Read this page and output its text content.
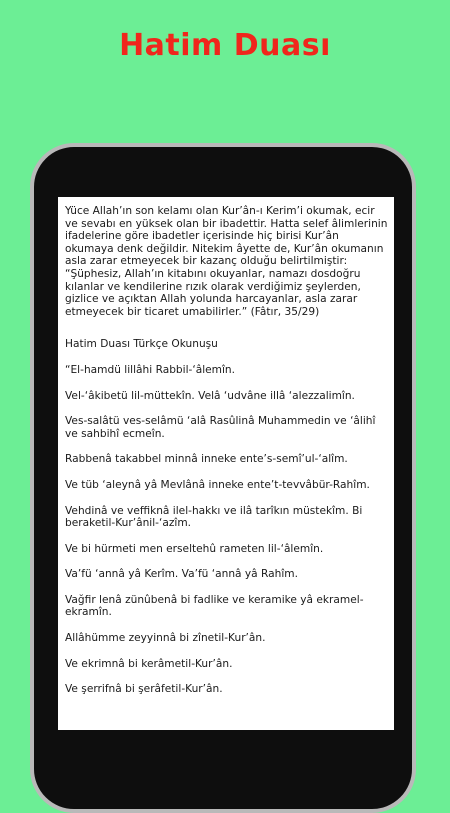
Hatim Duası

Yüce Allah’ın son kelamı olan Kur’ân-ı Kerim’i okumak, ecir ve sevabı en yüksek olan bir ibadettir. Hatta selef âlimlerinin ifadelerine göre ibadetler içerisinde hiç birisi Kur’ân okumaya denk değildir. Nitekim âyette de, Kur’ân okumanın asla zarar etmeyecek bir kazanç olduğu belirtilmiştir: “Şüphesiz, Allah’ın kitabını okuyanlar, namazı dosdoğru kılanlar ve kendilerine rızık olarak verdiğimiz şeylerden, gizlice ve açıktan Allah yolunda harcayanlar, asla zarar etmeyecek bir ticaret umabilirler.” (Fâtır, 35/29)

Hatim Duası Türkçe Okunuşu

“El-hamdü lillâhi Rabbil-‘âlemîn.

Vel-‘âkibetü lil-müttekîn. Velâ ‘udvâne illâ ‘alezzalimîn.

Ves-salâtü ves-selâmü ‘alâ Rasûlinâ Muhammedin ve ‘âlihî ve sahbihî ecmeîn.

Rabbenâ takabbel minnâ inneke ente’s-semî’ul-‘alîm.

Ve tüb ‘aleynâ yâ Mevlânâ inneke ente’t-tevvâbür-Rahîm.

Vehdinâ ve veffiknâ ilel-hakkı ve ilâ tarîkın müstekîm. Bi beraketil-Kur’ânil-‘azîm.

Ve bi hürmeti men erseltehû rameten lil-‘âlemîn.

Va’fü ‘annâ yâ Kerîm. Va’fü ‘annâ yâ Rahîm.

Vağfir lenâ zünûbenâ bi fadlike ve keramike yâ ekramel-ekramîn.

Allâhümme zeyyinnâ bi zînetil-Kur’ân.

Ve ekrimnâ bi kerâmetil-Kur’ân.

Ve şerrifnâ bi şerâfetil-Kur’ân.
